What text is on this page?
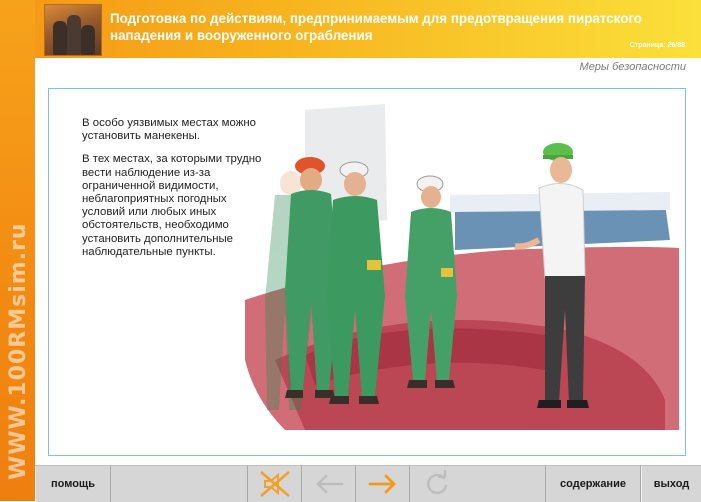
WWW.100RMsim.ru
Подготовка по действиям, предпринимаемым для предотвращения пиратского нападения и вооруженного ограбления
Страница: 26/88
Меры безопасности

В особо уязвимых местах можно установить манекены.

В тех местах, за которыми трудно вести наблюдение из-за ограниченной видимости, неблагоприятных погодных условий или любых иных обстоятельств, необходимо установить дополнительные наблюдательные пункты.

помощь	содержание	выход
